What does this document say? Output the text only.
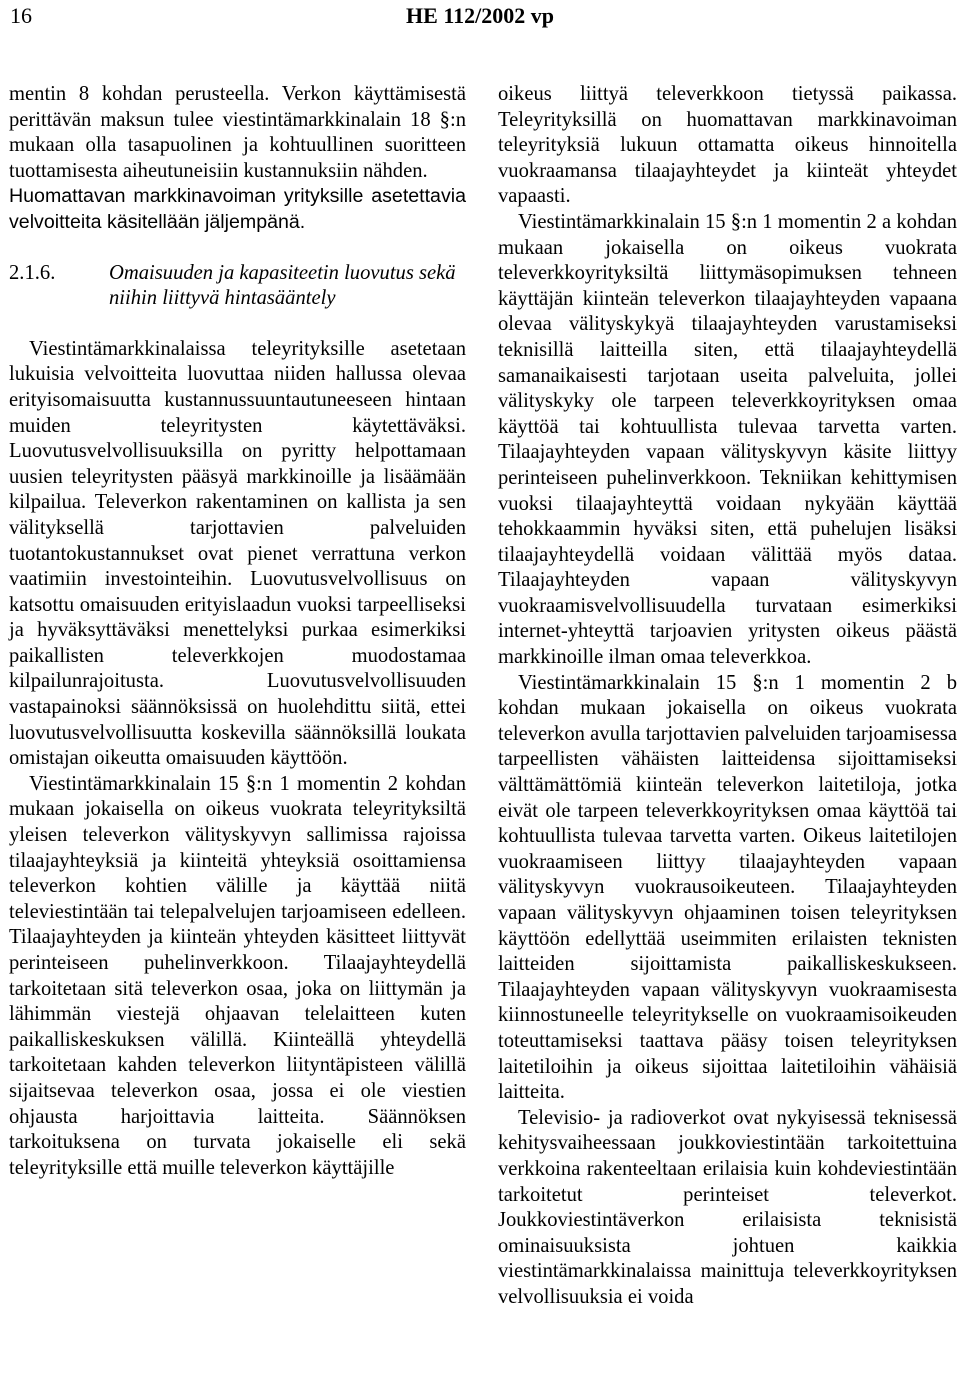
16	HE 112/2002 vp

mentin 8 kohdan perusteella. Verkon käyttämisestä perittävän maksun tulee viestintämarkkinalain 18 §:n mukaan olla tasapuolinen ja kohtuullinen suoritteen tuottamisesta aiheutuneisiin kustannuksiin nähden.

Huomattavan markkinavoiman yrityksille asetettavia velvoitteita käsitellään jäljempänä.

2.1.6.	Omaisuuden ja kapasiteetin luovutus sekä niihin liittyvä hintasääntely

Viestintämarkkinalaissa teleyrityksille asetetaan lukuisia velvoitteita luovuttaa niiden hallussa olevaa erityisomaisuutta kustannussuuntautuneeseen hintaan muiden teleyritysten käytettäväksi. Luovutusvelvollisuuksilla on pyritty helpottamaan uusien teleyritysten pääsyä markkinoille ja lisäämään kilpailua. Televerkon rakentaminen on kallista ja sen välityksellä tarjottavien palveluiden tuotantokustannukset ovat pienet verrattuna verkon vaatimiin investointeihin. Luovutusvelvollisuus on katsottu omaisuuden erityislaadun vuoksi tarpeelliseksi ja hyväksyttäväksi menettelyksi purkaa esimerkiksi paikallisten televerkkojen muodostamaa kilpailunrajoitusta. Luovutusvelvollisuuden vastapainoksi säännöksissä on huolehdittu siitä, ettei luovutusvelvollisuutta koskevilla säännöksillä loukata omistajan oikeutta omaisuuden käyttöön.

Viestintämarkkinalain 15 §:n 1 momentin 2 kohdan mukaan jokaisella on oikeus vuokrata teleyrityksiltä yleisen televerkon välityskyvyn sallimissa rajoissa tilaajayhteyksiä ja kiinteitä yhteyksiä osoittamiensa televerkon kohtien välille ja käyttää niitä televiestintään tai telepalvelujen tarjoamiseen edelleen. Tilaajayhteyden ja kiinteän yhteyden käsitteet liittyvät perinteiseen puhelinverkkoon. Tilaajayhteydellä tarkoitetaan sitä televerkon osaa, joka on liittymän ja lähimmän viestejä ohjaavan telelaitteen kuten paikalliskeskuksen välillä. Kiinteällä yhteydellä tarkoitetaan kahden televerkon liityntäpisteen välillä sijaitsevaa televerkon osaa, jossa ei ole viestien ohjausta harjoittavia laitteita. Säännöksen tarkoituksena on turvata jokaiselle eli sekä teleyrityksille että muille televerkon käyttäjille

oikeus liittyä televerkkoon tietyssä paikassa. Teleyrityksillä on huomattavan markkinavoiman teleyrityksiä lukuun ottamatta oikeus hinnoitella vuokraamansa tilaajayhteydet ja kiinteät yhteydet vapaasti.

Viestintämarkkinalain 15 §:n 1 momentin 2 a kohdan mukaan jokaisella on oikeus vuokrata televerkkoyrityksiltä liittymäsopimuksen tehneen käyttäjän kiinteän televerkon tilaajayhteyden vapaana olevaa välityskykyä tilaajayhteyden varustamiseksi teknisillä laitteilla siten, että tilaajayhteydellä samanaikaisesti tarjotaan useita palveluita, jollei välityskyky ole tarpeen televerkkoyrityksen omaa käyttöä tai kohtuullista tulevaa tarvetta varten. Tilaajayhteyden vapaan välityskyvyn käsite liittyy perinteiseen puhelinverkkoon. Tekniikan kehittymisen vuoksi tilaajayhteyttä voidaan nykyään käyttää tehokkaammin hyväksi siten, että puhelujen lisäksi tilaajayhteydellä voidaan välittää myös dataa. Tilaajayhteyden vapaan välityskyvyn vuokraamisvelvollisuudella turvataan esimerkiksi internet-yhteyttä tarjoavien yritysten oikeus päästä markkinoille ilman omaa televerkkoa.

Viestintämarkkinalain 15 §:n 1 momentin 2 b kohdan mukaan jokaisella on oikeus vuokrata televerkon avulla tarjottavien palveluiden tarjoamisessa tarpeellisten vähäisten laitteidensa sijoittamiseksi välttämättömiä kiinteän televerkon laitetiloja, jotka eivät ole tarpeen televerkkoyrityksen omaa käyttöä tai kohtuullista tulevaa tarvetta varten. Oikeus laitetilojen vuokraamiseen liittyy tilaajayhteyden vapaan välityskyvyn vuokrausoikeuteen. Tilaajayhteyden vapaan välityskyvyn ohjaaminen toisen teleyrityksen käyttöön edellyttää useimmiten erilaisten teknisten laitteiden sijoittamista paikalliskeskukseen. Tilaajayhteyden vapaan välityskyvyn vuokraamisesta kiinnostuneelle teleyritykselle on vuokraamisoikeuden toteuttamiseksi taattava pääsy toisen teleyrityksen laitetiloihin ja oikeus sijoittaa laitetiloihin vähäisiä laitteita.

Televisio- ja radioverkot ovat nykyisessä teknisessä kehitysvaiheessaan joukkoviestintään tarkoitettuina verkkoina rakenteeltaan erilaisia kuin kohdeviestintään tarkoitetut perinteiset televerkot. Joukkoviestintäverkon erilaisista teknisistä ominaisuuksista johtuen kaikkia viestintämarkkinalaissa mainittuja televerkkoyrityksen velvollisuuksia ei voida
